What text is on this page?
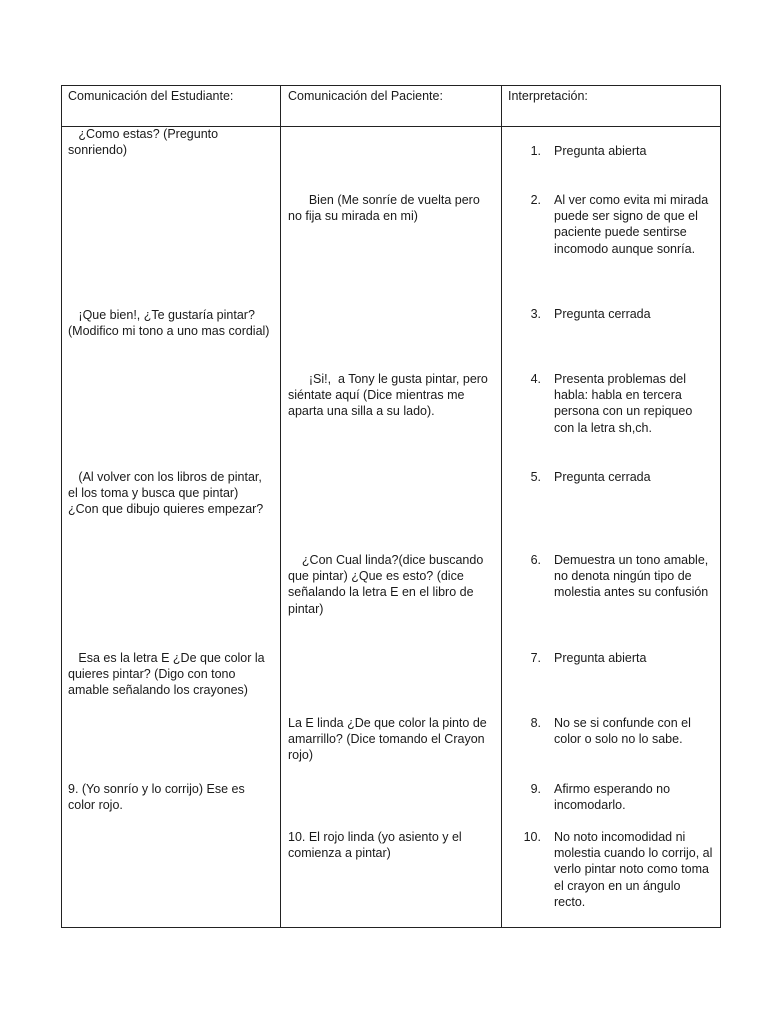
Comunicación del Estudiante:	Comunicación del Paciente:	Interpretación:
¿Como estas? (Pregunto sonriendo)
¡Que bien!, ¿Te gustaría pintar? (Modifico mi tono a uno mas cordial)
(Al volver con los libros de pintar, el los toma y busca que pintar) ¿Con que dibujo quieres empezar?
Esa es la letra E ¿De que color la quieres pintar? (Digo con tono amable señalando los crayones)
9. (Yo sonrío y lo corrijo) Ese es color rojo.
Bien (Me sonríe de vuelta pero no fija su mirada en mi)
¡Si!,  a Tony le gusta pintar, pero siéntate aquí (Dice mientras me aparta una silla a su lado).
¿Con Cual linda?(dice buscando que pintar) ¿Que es esto? (dice señalando la letra E en el libro de pintar)
La E linda ¿De que color la pinto de amarrillo? (Dice tomando el Crayon rojo)
10. El rojo linda (yo asiento y el comienza a pintar)
1. Pregunta abierta
2. Al ver como evita mi mirada puede ser signo de que el paciente puede sentirse incomodo aunque sonría.
3. Pregunta cerrada
4. Presenta problemas del habla: habla en tercera persona con un repiqueo con la letra sh,ch.
5. Pregunta cerrada
6. Demuestra un tono amable, no denota ningún tipo de molestia antes su confusión
7. Pregunta abierta
8. No se si confunde con el color o solo no lo sabe.
9. Afirmo esperando no incomodarlo.
10. No noto incomodidad ni molestia cuando lo corrijo, al verlo pintar noto como toma el crayon en un ángulo recto.
